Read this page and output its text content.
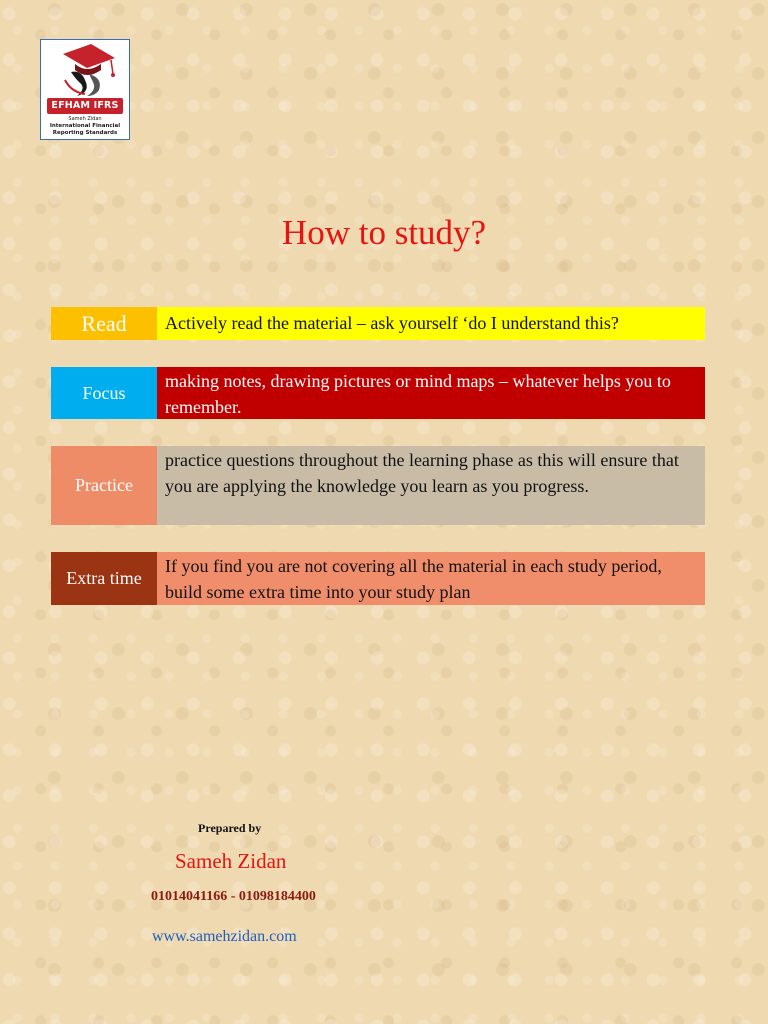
EFHAM IFRS
Sameh Zidan
International Financial
Reporting Standards
How to study?
Read	Actively read the material – ask yourself ‘do I understand this?
Focus
making notes, drawing pictures or mind maps – whatever helps you to remember.
Practice
practice questions throughout the learning phase as this will ensure that you are applying the knowledge you learn as you progress.
Extra time
If you find you are not covering all the material in each study period, build some extra time into your study plan
Prepared by
Sameh Zidan
01014041166 - 01098184400
www.samehzidan.com
